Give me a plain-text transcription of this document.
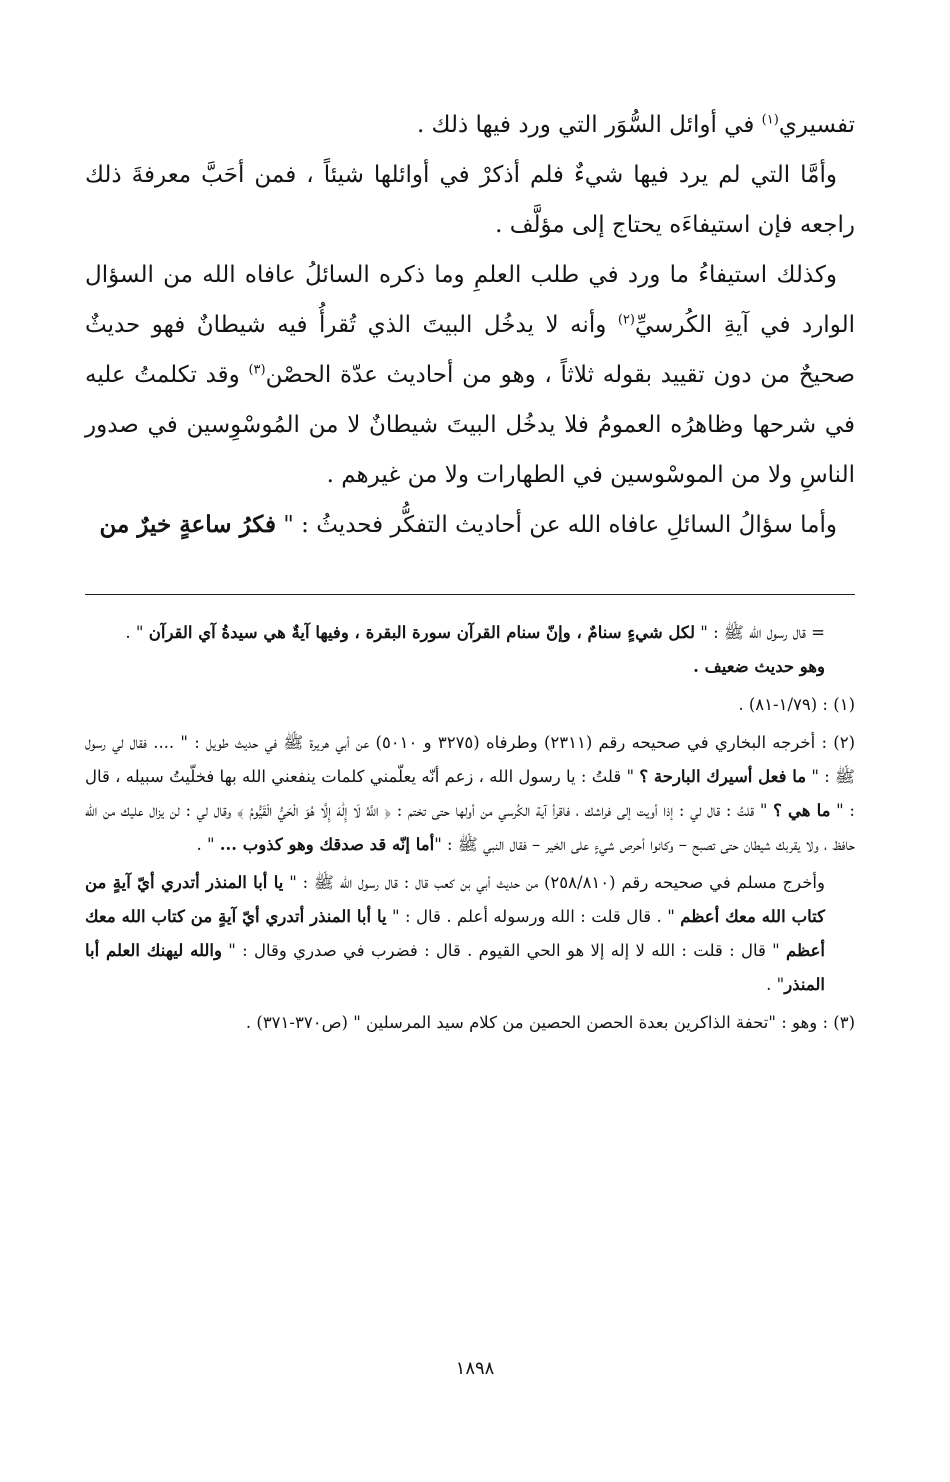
تفسيري$^{(١)}$ في أوائل السُّوَر التي ورد فيها ذلك .

وأمَّا التي لم يرد فيها شيءٌ فلم أذكرْ في أوائلها شيئاً ، فمن أحَبَّ معرفةَ ذلك راجعه فإن استيفاءَه يحتاج إلى مؤلَّف .

وكذلك استيفاءُ ما ورد في طلب العلمِ وما ذكره السائلُ عافاه الله من السؤال الوارد في آيةِ الكُرسيِّ$^{(٢)}$ وأنه لا يدخُل البيتَ الذي تُقرأُ فيه شيطانٌ فهو حديثٌ صحيحٌ من دون تقييد بقوله ثلاثاً ، وهو من أحاديث عدّة الحصْن$^{(٣)}$ وقد تكلمتُ عليه في شرحها وظاهرُه العمومُ فلا يدخُل البيتَ شيطانٌ لا من المُوسْوِسين في صدور الناسِ ولا من الموسْوسين في الطهارات ولا من غيرهم .

وأما سؤالُ السائلِ عافاه الله عن أحاديث التفكُّر فحديثُ : " فكرُ ساعةٍ خيرٌ من

= قال رسول الله ﷺ : " لكل شيءٍ سنامٌ ، وإنّ سنام القرآن سورة البقرة ، وفيها آيةٌ هي سيدةُ آي القرآن " .

وهو حديث ضعيف .

(١) : (١/٧٩-٨١) .

(٢) : أخرجه البخاري في صحيحه رقم (٢٣١١) وطرفاه (٣٢٧٥ و ٥٠١٠) عن أبي هريرة ﷺ في حديث طويل : " .... فقال لي رسول ﷺ : " ما فعل أسيرك البارحة ؟ " قلتُ : يا رسول الله ، زعم أنّه يعلّمني كلمات ينفعني الله بها فخلّيتُ سبيله ، قال : " ما هي ؟ " قلتُ : قال لي : إذا أويت إلى فراشك ، فاقرأ آية الكُرسي من أولها حتى تختم : ﴿ اللَّهُ لَا إِلَٰهَ إِلَّا هُوَ الْحَيُّ الْقَيُّومُ ﴾ وقال لي : لن يزال عليك من الله حافظ ، ولا يقربك شيطان حتى تصبح – وكانوا أحرص شيءٍ على الخير – فقال النبي ﷺ : "أما إنّه قد صدقك وهو كذوب ... " .

وأخرج مسلم في صحيحه رقم (٢٥٨/٨١٠) من حديث أبي بن كعب قال : قال رسول الله ﷺ : " يا أبا المنذر أتدري أيّ آيةٍ من كتاب الله معك أعظم " . قال قلت : الله ورسوله أعلم . قال : " يا أبا المنذر أتدري أيّ آيةٍ من كتاب الله معك أعظم " قال : قلت : الله لا إله إلا هو الحي القيوم . قال : فضرب في صدري وقال : " والله ليهنك العلم أبا المنذر" .

(٣) : وهو : "تحفة الذاكرين بعدة الحصن الحصين من كلام سيد المرسلين " (ص٣٧٠-٣٧١) .

١٨٩٨
